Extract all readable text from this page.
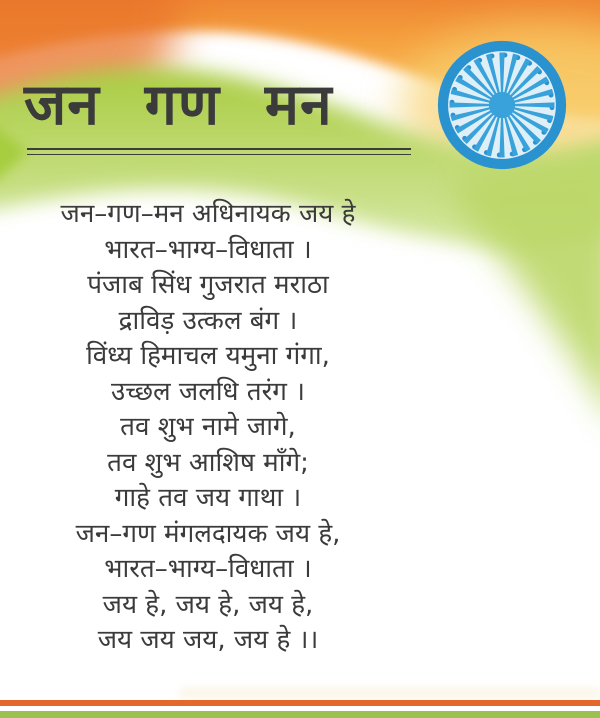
जन गण मन
जन–गण–मन अधिनायक जय हे
भारत–भाग्य–विधाता ।
पंजाब सिंध गुजरात मराठा
द्राविड़ उत्कल बंग ।
विंध्य हिमाचल यमुना गंगा,
उच्छल जलधि तरंग ।
तव शुभ नामे जागे,
तव शुभ आशिष माँगे;
गाहे तव जय गाथा ।
जन–गण मंगलदायक जय हे,
भारत–भाग्य–विधाता ।
जय हे, जय हे, जय हे,
जय जय जय, जय हे ।।
